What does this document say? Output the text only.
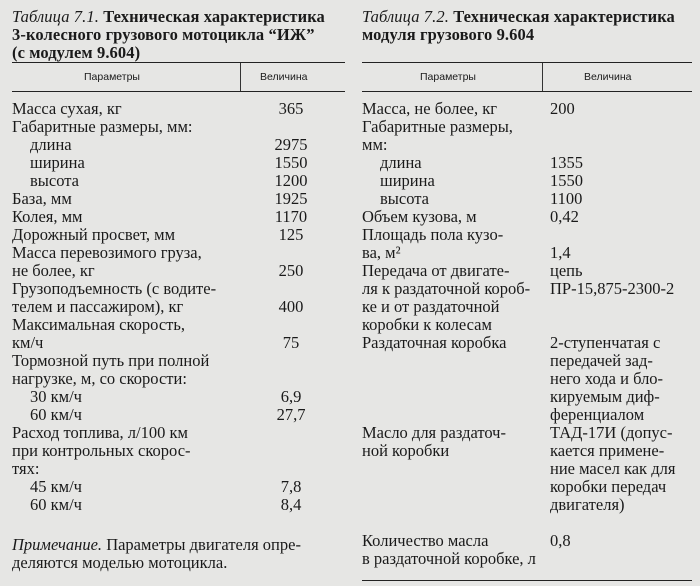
Таблица 7.1. Техническая характеристика
3-колесного грузового мотоцикла “ИЖ”
(с модулем 9.604)
Параметры	Величина
Масса сухая, кг	365
Габаритные размеры, мм:
длина	2975
ширина	1550
высота	1200
База, мм	1925
Колея, мм	1170
Дорожный просвет, мм	125
Масса перевозимого груза,
не более, кг	250
Грузоподъемность (с водите-
телем и пассажиром), кг	400
Максимальная скорость,
км/ч	75
Тормозной путь при полной
нагрузке, м, со скорости:
30 км/ч	6,9
60 км/ч	27,7
Расход топлива, л/100 км
при контрольных скорос-
тях:
45 км/ч	7,8
60 км/ч	8,4
Примечание. Параметры двигателя опре-
деляются моделью мотоцикла.
Таблица 7.2. Техническая характеристика
модуля грузового 9.604
Параметры	Величина
Масса, не более, кг	200
Габаритные размеры,
мм:
длина	1355
ширина	1550
высота	1100
Объем кузова, м	0,42
Площадь пола кузо-
ва, м²	1,4
Передача от двигате-	цепь
ля к раздаточной короб-	ПР-15,875-2300-2
ке и от раздаточной
коробки к колесам
Раздаточная коробка	2-ступенчатая с

передачей зад-

него хода и бло-

кируемым диф-

ференциалом
Масло для раздаточ-	ТАД-17И (допус-
ной коробки	кается примене-

ние масел как для

коробки передач

двигателя)

Количество масла	0,8
в раздаточной коробке, л
